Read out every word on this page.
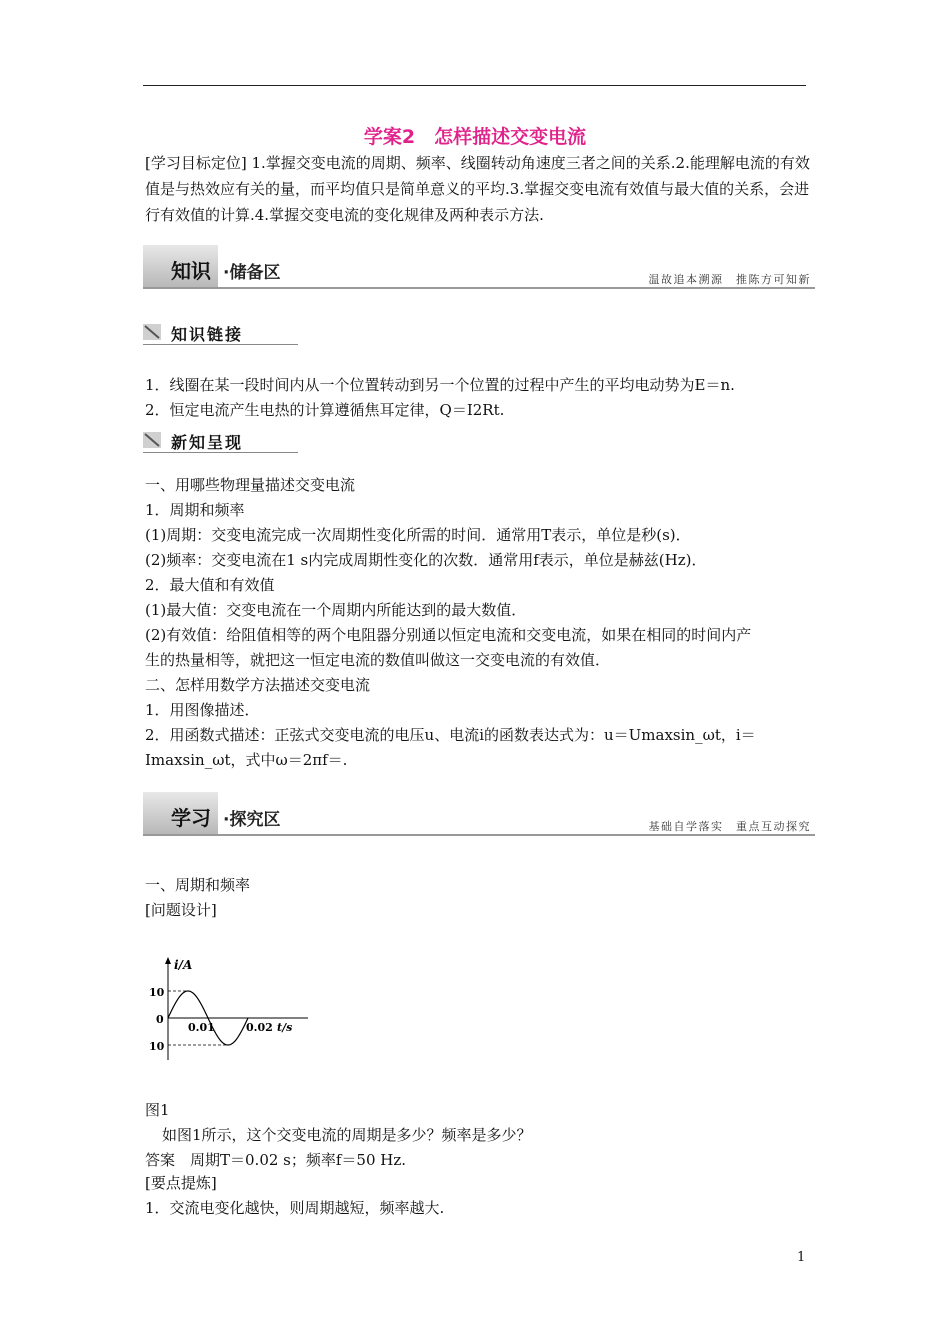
学案2　怎样描述交变电流
[学习目标定位] 1.掌握交变电流的周期、频率、线圈转动角速度三者之间的关系.2.能理解电流的有效值是与热效应有关的量，而平均值只是简单意义的平均.3.掌握交变电流有效值与最大值的关系，会进行有效值的计算.4.掌握交变电流的变化规律及两种表示方法.
知识 ·储备区	温故追本溯源　推陈方可知新
知识链接
1．线圈在某一段时间内从一个位置转动到另一个位置的过程中产生的平均电动势为E＝n.
2．恒定电流产生电热的计算遵循焦耳定律，Q＝I2Rt.
新知呈现
一、用哪些物理量描述交变电流
1．周期和频率
(1)周期：交变电流完成一次周期性变化所需的时间．通常用T表示，单位是秒(s)．
(2)频率：交变电流在1 s内完成周期性变化的次数．通常用f表示，单位是赫兹(Hz)．
2．最大值和有效值
(1)最大值：交变电流在一个周期内所能达到的最大数值．
(2)有效值：给阻值相等的两个电阻器分别通以恒定电流和交变电流，如果在相同的时间内产
生的热量相等，就把这一恒定电流的数值叫做这一交变电流的有效值．
二、怎样用数学方法描述交变电流
1．用图像描述．
2．用函数式描述：正弦式交变电流的电压u、电流i的函数表达式为：u＝Umaxsin_ωt，i＝
Imaxsin_ωt，式中ω＝2πf＝.
学习 ·探究区	基础自学落实　重点互动探究
一、周期和频率
[问题设计]
i/A
10
0
10
0.01	0.02 t/s
图1
如图1所示，这个交变电流的周期是多少？频率是多少？
答案　周期T＝0.02 s；频率f＝50 Hz.
[要点提炼]
1．交流电变化越快，则周期越短，频率越大.
1
